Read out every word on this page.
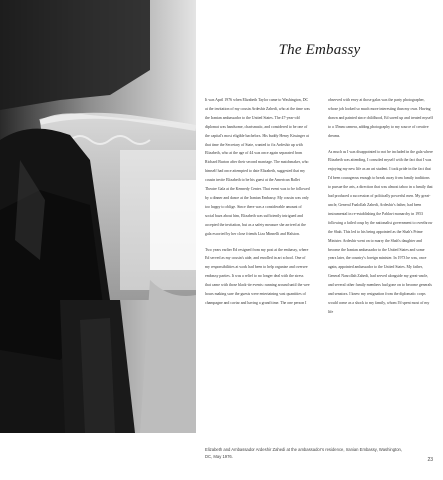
The Embassy

It was April 1976 when Elizabeth Taylor came to Washington, DC at the invitation of my cousin Ardeshir Zahedi, who at the time was the Iranian ambassador to the United States. The 47-year-old diplomat was handsome, charismatic, and considered to be one of the capital's most eligible bachelors. His buddy Henry Kissinger at that time the Secretary of State, wanted to fix Ardeshir up with Elizabeth, who at the age of 44 was once again separated from Richard Burton after their second marriage. The matchmaker, who himself had once attempted to date Elizabeth, suggested that my cousin invite Elizabeth to be his guest at the American Ballet Theatre Gala at the Kennedy Center. That event was to be followed by a dinner and dance at the Iranian Embassy. My cousin was only too happy to oblige. Since there was a considerable amount of social buzz about him, Elizabeth was sufficiently intrigued and accepted the invitation, but as a safety measure she arrived at the gala escorted by her close friends Liza Minnelli and Halston.

Two years earlier Ed resigned from my post at the embassy, where Ed served as my cousin's aide, and enrolled in art school. One of my responsibilities at work had been to help organize and oversee embassy parties. It was a relief to no longer deal with the stress that came with those black-tie events: running around until the wee hours making sure the guests were entertaining vast quantities of champagne and caviar and having a grand time. The one person I

observed with envy at those galas was the party photographer, whose job looked so much more interesting than my own. Having drawn and painted since childhood, Ed saved up and treated myself to a 35mm camera, adding photography to my source of creative dreams.

As much as I was disappointed to not be included in the gala where Elizabeth was attending, I consoled myself with the fact that I was enjoying my new life as an art student. I took pride in the fact that I'd been courageous enough to break away from family traditions to pursue the arts, a direction that was almost taboo in a family that had produced a succession of politically powerful men. My great-uncle, General Fazlollah Zahedi, Ardeshir's father, had been instrumental in re-establishing the Pahlavi monarchy in 1953 following a failed coup by the nationalist government to overthrow the Shah. This led to his being appointed as the Shah's Prime Minister. Ardeshir went on to marry the Shah's daughter and become the Iranian ambassador to the United States and some years later, the country's foreign minister. In 1973 he was, once again, appointed ambassador to the United States. My father, General Nasrollah Zahedi, had served alongside my great-uncle, and several other family members had gone on to become generals and senators. I knew my resignation from the diplomatic corps would come as a shock to my family, whom I'd spent most of my life

Elizabeth and Ambassador Ardeshir Zahedi at the ambassador's residence, Iranian Embassy, Washington, DC, May 1976.
23
